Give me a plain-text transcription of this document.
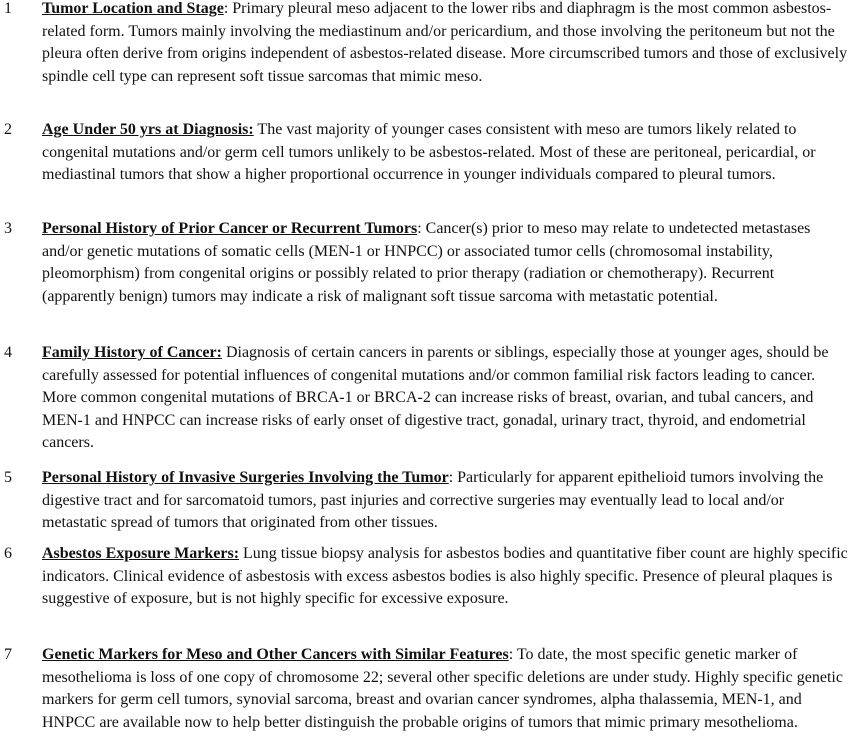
1	Tumor Location and Stage: Primary pleural meso adjacent to the lower ribs and diaphragm is the most common asbestos-related form. Tumors mainly involving the mediastinum and/or pericardium, and those involving the peritoneum but not the pleura often derive from origins independent of asbestos-related disease. More circumscribed tumors and those of exclusively spindle cell type can represent soft tissue sarcomas that mimic meso.
2	Age Under 50 yrs at Diagnosis: The vast majority of younger cases consistent with meso are tumors likely related to congenital mutations and/or germ cell tumors unlikely to be asbestos-related. Most of these are peritoneal, pericardial, or mediastinal tumors that show a higher proportional occurrence in younger individuals compared to pleural tumors.
3	Personal History of Prior Cancer or Recurrent Tumors: Cancer(s) prior to meso may relate to undetected metastases and/or genetic mutations of somatic cells (MEN-1 or HNPCC) or associated tumor cells (chromosomal instability, pleomorphism) from congenital origins or possibly related to prior therapy (radiation or chemotherapy). Recurrent (apparently benign) tumors may indicate a risk of malignant soft tissue sarcoma with metastatic potential.
4	Family History of Cancer: Diagnosis of certain cancers in parents or siblings, especially those at younger ages, should be carefully assessed for potential influences of congenital mutations and/or common familial risk factors leading to cancer. More common congenital mutations of BRCA-1 or BRCA-2 can increase risks of breast, ovarian, and tubal cancers, and MEN-1 and HNPCC can increase risks of early onset of digestive tract, gonadal, urinary tract, thyroid, and endometrial cancers.
5	Personal History of Invasive Surgeries Involving the Tumor: Particularly for apparent epithelioid tumors involving the digestive tract and for sarcomatoid tumors, past injuries and corrective surgeries may eventually lead to local and/or metastatic spread of tumors that originated from other tissues.
6	Asbestos Exposure Markers: Lung tissue biopsy analysis for asbestos bodies and quantitative fiber count are highly specific indicators. Clinical evidence of asbestosis with excess asbestos bodies is also highly specific. Presence of pleural plaques is suggestive of exposure, but is not highly specific for excessive exposure.
7	Genetic Markers for Meso and Other Cancers with Similar Features: To date, the most specific genetic marker of mesothelioma is loss of one copy of chromosome 22; several other specific deletions are under study. Highly specific genetic markers for germ cell tumors, synovial sarcoma, breast and ovarian cancer syndromes, alpha thalassemia, MEN-1, and HNPCC are available now to help better distinguish the probable origins of tumors that mimic primary mesothelioma.
